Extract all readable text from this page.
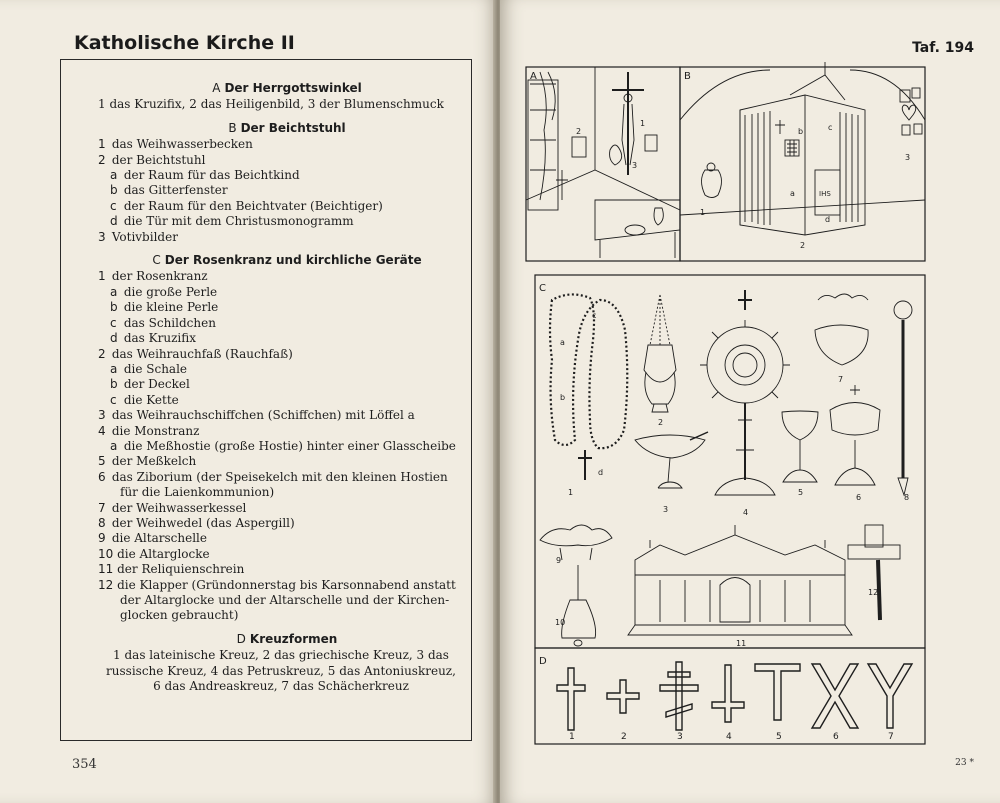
Katholische Kirche II
A Der Herrgottswinkel
1 das Kruzifix, 2 das Heiligenbild, 3 der Blumenschmuck
B Der Beichtstuhl
1 das Weihwasserbecken
2 der Beichtstuhl
a der Raum für das Beichtkind
b das Gitterfenster
c der Raum für den Beichtvater (Beichtiger)
d die Tür mit dem Christusmonogramm
3 Votivbilder
C Der Rosenkranz und kirchliche Geräte
1 der Rosenkranz
a die große Perle
b die kleine Perle
c das Schildchen
d das Kruzifix
2 das Weihrauchfaß (Rauchfaß)
a die Schale
b der Deckel
c die Kette
3 das Weihrauchschiffchen (Schiffchen) mit Löffel a
4 die Monstranz
a die Meßhostie (große Hostie) hinter einer Glasscheibe
5 der Meßkelch
6 das Ziborium (der Speisekelch mit den kleinen Hostien
für die Laienkommunion)
7 der Weihwasserkessel
8 der Weihwedel (das Aspergill)
9 die Altarschelle
10 die Altarglocke
11 der Reliquienschrein
12 die Klapper (Gründonnerstag bis Karsonnabend anstatt
der Altarglocke und der Altarschelle und der Kirchen-
glocken gebraucht)
D Kreuzformen
1 das lateinische Kreuz, 2 das griechische Kreuz, 3 das
russische Kreuz, 4 das Petruskreuz, 5 das Antoniuskreuz,
6 das Andreaskreuz, 7 das Schächerkreuz
354
Taf. 194
A	B
C
D
1
2
3
1
2
3
a
b	c
d
IHS
1
2
3	4
5
6
7
8
9
10
11
12
a
b
c
d
1	2	3	4	5	6	7
23 *
